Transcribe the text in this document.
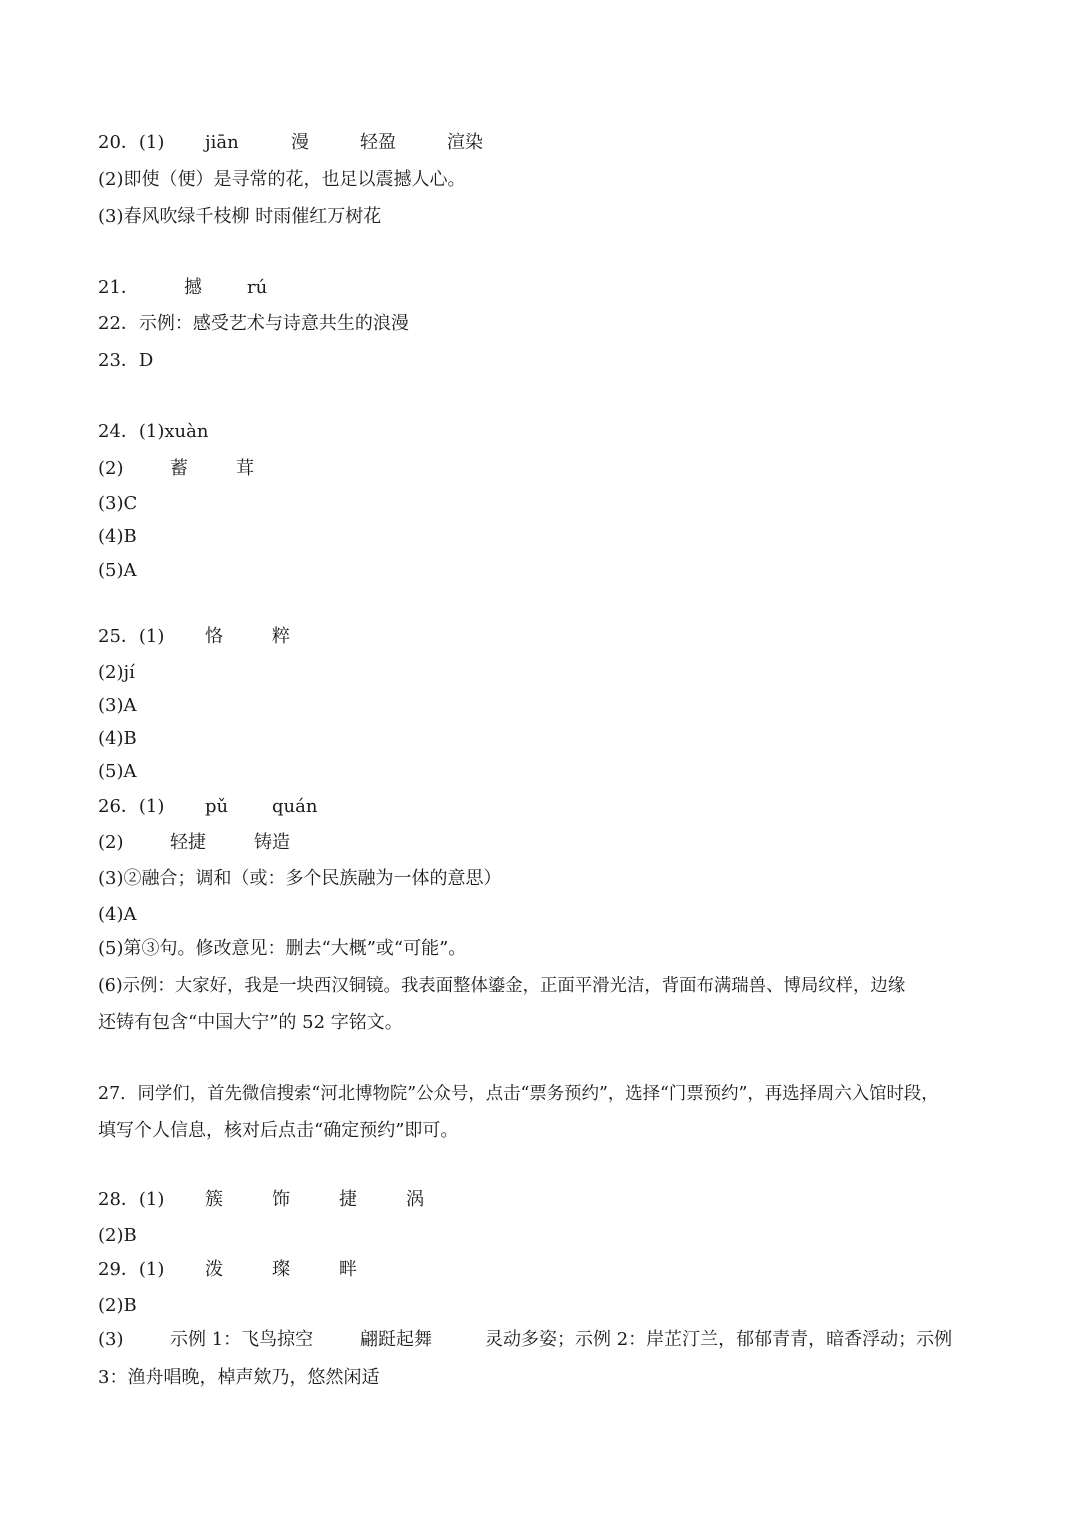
20．(1) jiān	漫	轻盈	渲染
(2)即使（便）是寻常的花，也足以震撼人心。
(3)春风吹绿千枝柳 时雨催红万树花
21．	撼	rú
22．示例：感受艺术与诗意共生的浪漫
23．D
24．(1)xuàn
(2)	蓄	茸
(3)C
(4)B
(5)A
25．(1) 恪	粹
(2)jí
(3)A
(4)B
(5)A
26．(1) pǔ quán
(2)	轻捷	铸造
(3)②融合；调和（或：多个民族融为一体的意思）
(4)A
(5)第③句。修改意见：删去“大概”或“可能”。
(6)示例：大家好，我是一块西汉铜镜。我表面整体鎏金，正面平滑光洁，背面布满瑞兽、博局纹样，边缘
还铸有包含“中国大宁”的 52 字铭文。
27．同学们，首先微信搜索“河北博物院”公众号，点击“票务预约”，选择“门票预约”，再选择周六入馆时段，
填写个人信息，核对后点击“确定预约”即可。
28．(1) 簇	饰	捷	涡
(2)B
29．(1) 泼	璨	畔
(2)B
(3)	示例 1：飞鸟掠空	翩跹起舞	灵动多姿；示例 2：岸芷汀兰，郁郁青青，暗香浮动；示例
3：渔舟唱晚，棹声欸乃，悠然闲适
